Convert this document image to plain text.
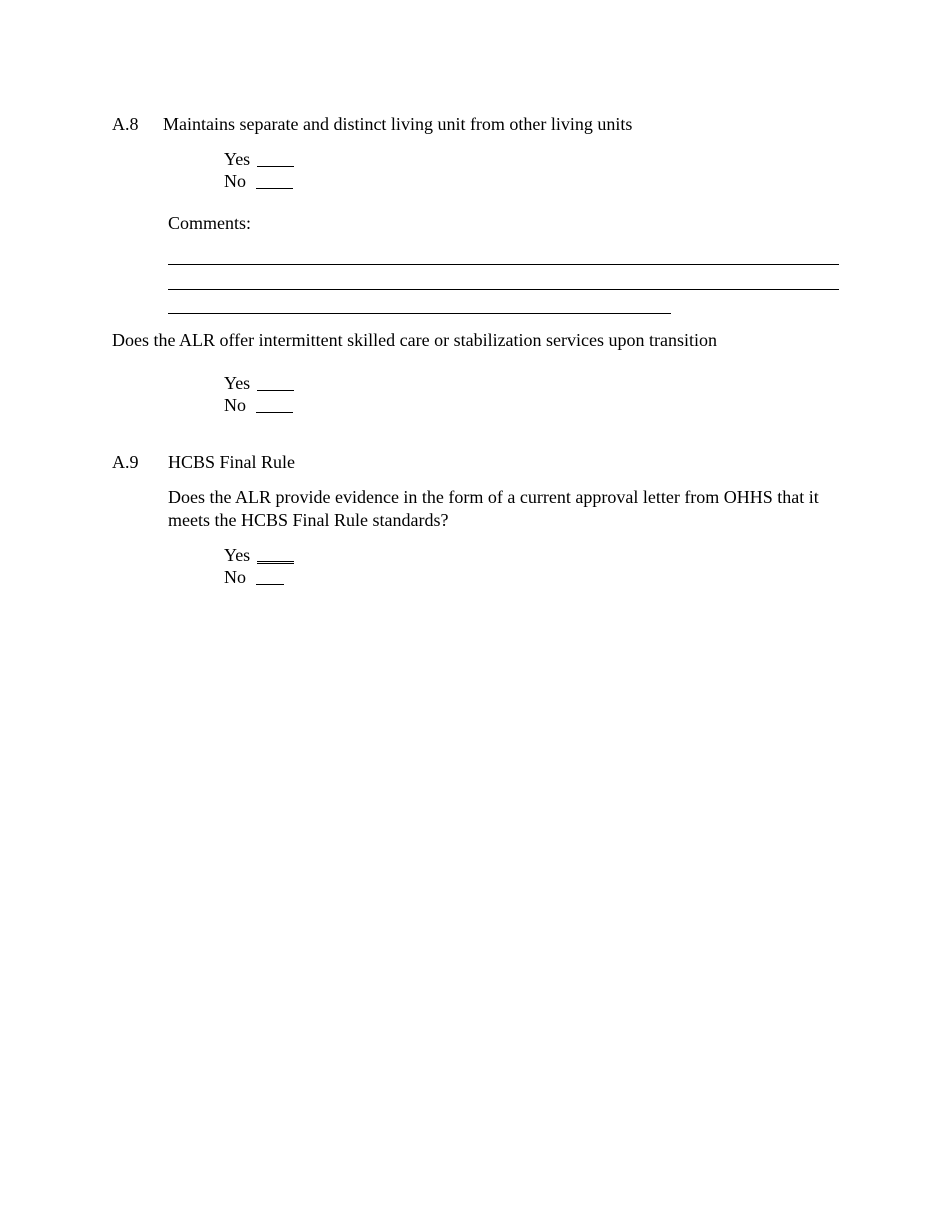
A.8 Maintains separate and distinct living unit from other living units
Yes
No
Comments:
Does the ALR offer intermittent skilled care or stabilization services upon transition
Yes
No
A.9 HCBS Final Rule
Does the ALR provide evidence in the form of a current approval letter from OHHS that it meets the HCBS Final Rule standards?
Yes
No
